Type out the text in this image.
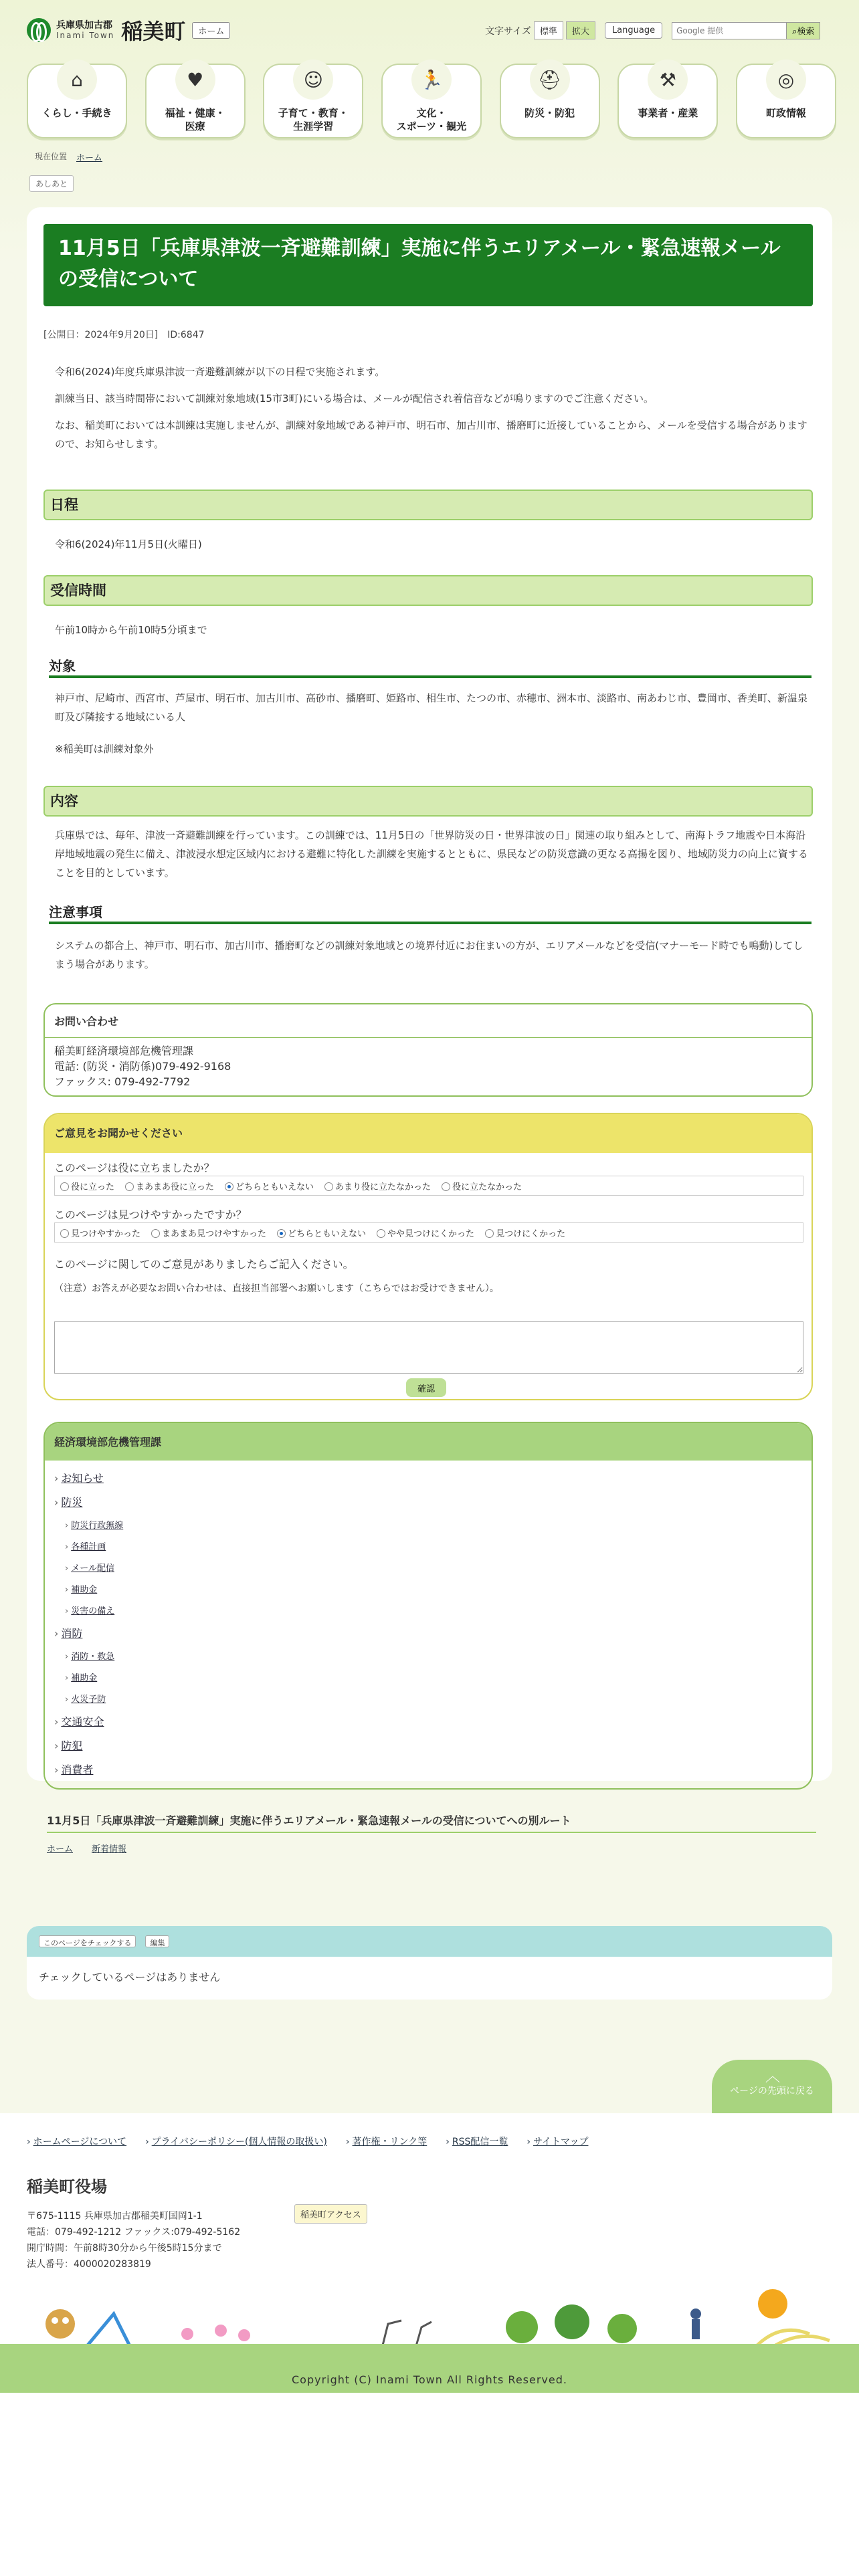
兵庫県加古郡
Inami Town 稲美町	ホーム	文字サイズ	標準	拡大	Language
Google 提供	⌕検索
⌂
くらし・手続き
♥
福祉・健康・
医療
☺
子育て・教育・
生涯学習
🏃
文化・
スポーツ・観光
⛑
防災・防犯
⚒
事業者・産業
◎
町政情報
現在位置 ホーム
あしあと
11月5日「兵庫県津波一斉避難訓練」実施に伴うエリアメール・緊急速報メールの受信について
[公開日：2024年9月20日]　ID:6847
令和6(2024)年度兵庫県津波一斉避難訓練が以下の日程で実施されます。
訓練当日、該当時間帯において訓練対象地域(15市3町)にいる場合は、メールが配信され着信音などが鳴りますのでご注意ください。
なお、稲美町においては本訓練は実施しませんが、訓練対象地域である神戸市、明石市、加古川市、播磨町に近接していることから、メールを受信する場合がありますので、お知らせします。
日程
令和6(2024)年11月5日(火曜日)
受信時間
午前10時から午前10時5分頃まで
対象
神戸市、尼崎市、西宮市、芦屋市、明石市、加古川市、高砂市、播磨町、姫路市、相生市、たつの市、赤穂市、洲本市、淡路市、南あわじ市、豊岡市、香美町、新温泉町及び隣接する地域にいる人
※稲美町は訓練対象外
内容
兵庫県では、毎年、津波一斉避難訓練を行っています。この訓練では、11月5日の「世界防災の日・世界津波の日」関連の取り組みとして、南海トラフ地震や日本海沿岸地域地震の発生に備え、津波浸水想定区域内における避難に特化した訓練を実施するとともに、県民などの防災意識の更なる高揚を図り、地域防災力の向上に資することを目的としています。
注意事項
システムの都合上、神戸市、明石市、加古川市、播磨町などの訓練対象地域との境界付近にお住まいの方が、エリアメールなどを受信(マナーモード時でも鳴動)してしまう場合があります。
お問い合わせ
稲美町経済環境部危機管理課
電話: (防災・消防係)079-492-9168
ファックス: 079-492-7792
ご意見をお聞かせください
このページは役に立ちましたか？
役に立った	まあまあ役に立った	どちらともいえない	あまり役に立たなかった	役に立たなかった
このページは見つけやすかったですか？
見つけやすかった	まあまあ見つけやすかった	どちらともいえない	やや見つけにくかった	見つけにくかった
このページに関してのご意見がありましたらご記入ください。
（注意）お答えが必要なお問い合わせは、直接担当部署へお願いします（こちらではお受けできません）。
確認
経済環境部危機管理課
› お知らせ
› 防災
› 防災行政無線
› 各種計画
› メール配信
› 補助金
› 災害の備え
› 消防
› 消防・救急
› 補助金
› 火災予防
› 交通安全
› 防犯
› 消費者
11月5日「兵庫県津波一斉避難訓練」実施に伴うエリアメール・緊急速報メールの受信についてへの別ルート
ホーム 新着情報
このページをチェックする	編集
チェックしているページはありません
︿
ページの先頭に戻る
› ホームページについて	› プライバシーポリシー(個人情報の取扱い)	› 著作権・リンク等	› RSS配信一覧	› サイトマップ
稲美町役場
〒675-1115 兵庫県加古郡稲美町国岡1-1
電話：079-492-1212 ファックス:079-492-5162
開庁時間：午前8時30分から午後5時15分まで
法人番号：4000020283819
稲美町アクセス
Copyright (C) Inami Town All Rights Reserved.
